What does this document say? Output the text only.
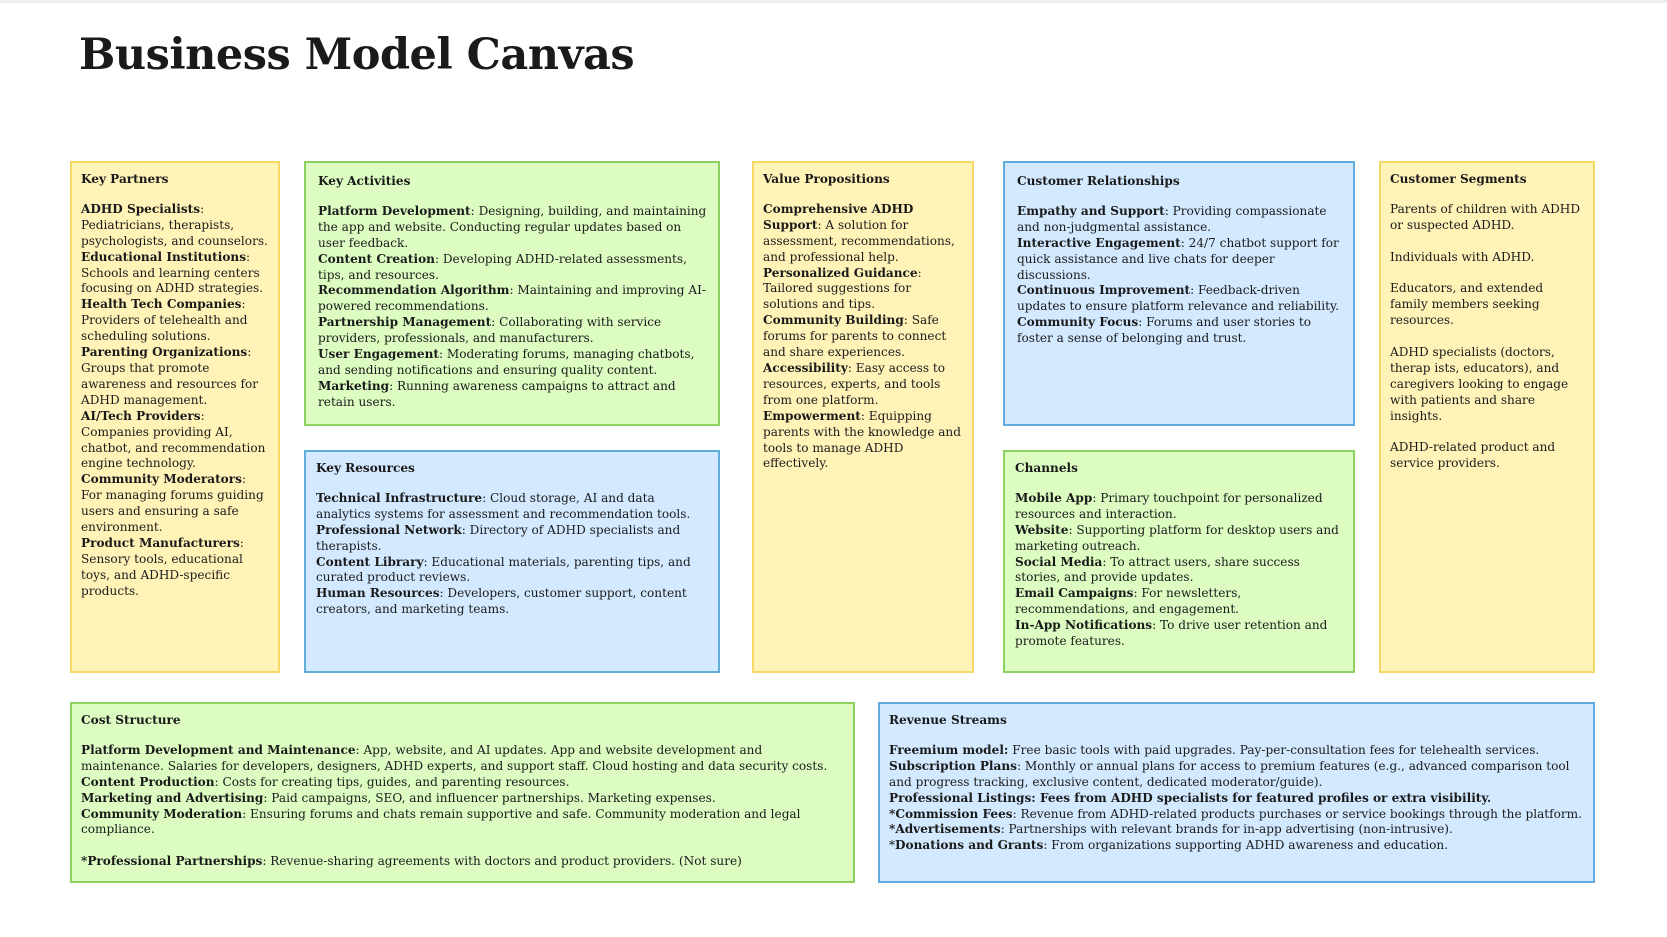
Business Model Canvas
Key Partners
ADHD Specialists: Pediatricians, therapists, psychologists, and counselors.
Educational Institutions: Schools and learning centers focusing on ADHD strategies.
Health Tech Companies: Providers of telehealth and scheduling solutions.
Parenting Organizations: Groups that promote awareness and resources for ADHD management.
AI/Tech Providers: Companies providing AI, chatbot, and recommendation engine technology.
Community Moderators: For managing forums guiding users and ensuring a safe environment.
Product Manufacturers: Sensory tools, educational toys, and ADHD-specific products.
Key Activities
Platform Development: Designing, building, and maintaining the app and website. Conducting regular updates based on user feedback.
Content Creation: Developing ADHD-related assessments, tips, and resources.
Recommendation Algorithm: Maintaining and improving AI-powered recommendations.
Partnership Management: Collaborating with service providers, professionals, and manufacturers.
User Engagement: Moderating forums, managing chatbots, and sending notifications and ensuring quality content.
Marketing: Running awareness campaigns to attract and retain users.
Key Resources
Technical Infrastructure: Cloud storage, AI and data analytics systems for assessment and recommendation tools.
Professional Network: Directory of ADHD specialists and therapists.
Content Library: Educational materials, parenting tips, and curated product reviews.
Human Resources: Developers, customer support, content creators, and marketing teams.
Value Propositions
Comprehensive ADHD Support: A solution for assessment, recommendations, and professional help.
Personalized Guidance: Tailored suggestions for solutions and tips.
Community Building: Safe forums for parents to connect and share experiences.
Accessibility: Easy access to resources, experts, and tools from one platform.
Empowerment: Equipping parents with the knowledge and tools to manage ADHD effectively.
Customer Relationships
Empathy and Support: Providing compassionate and non-judgmental assistance.
Interactive Engagement: 24/7 chatbot support for quick assistance and live chats for deeper discussions.
Continuous Improvement: Feedback-driven updates to ensure platform relevance and reliability.
Community Focus: Forums and user stories to foster a sense of belonging and trust.
Channels
Mobile App: Primary touchpoint for personalized resources and interaction.
Website: Supporting platform for desktop users and marketing outreach.
Social Media: To attract users, share success stories, and provide updates.
Email Campaigns: For newsletters, recommendations, and engagement.
In-App Notifications: To drive user retention and promote features.
Customer Segments
Parents of children with ADHD or suspected ADHD.
Individuals with ADHD.
Educators, and extended family members seeking resources.
ADHD specialists (doctors, therap ists, educators), and caregivers looking to engage with patients and share insights.
ADHD-related product and service providers.
Cost Structure
Platform Development and Maintenance: App, website, and AI updates. App and website development and maintenance. Salaries for developers, designers, ADHD experts, and support staff. Cloud hosting and data security costs.
Content Production: Costs for creating tips, guides, and parenting resources.
Marketing and Advertising: Paid campaigns, SEO, and influencer partnerships. Marketing expenses.
Community Moderation: Ensuring forums and chats remain supportive and safe. Community moderation and legal compliance.
*Professional Partnerships: Revenue-sharing agreements with doctors and product providers. (Not sure)
Revenue Streams
Freemium model: Free basic tools with paid upgrades. Pay-per-consultation fees for telehealth services.
Subscription Plans: Monthly or annual plans for access to premium features (e.g., advanced comparison tool and progress tracking, exclusive content, dedicated moderator/guide).
Professional Listings: Fees from ADHD specialists for featured profiles or extra visibility.
*Commission Fees: Revenue from ADHD-related products purchases or service bookings through the platform.
*Advertisements: Partnerships with relevant brands for in-app advertising (non-intrusive).
*Donations and Grants: From organizations supporting ADHD awareness and education.
